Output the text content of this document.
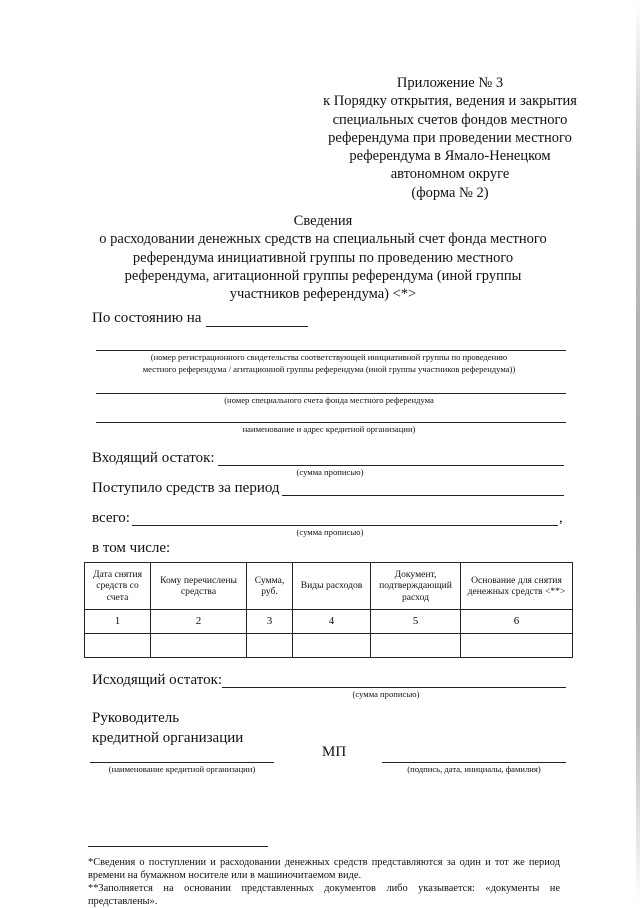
Приложение № 3
к Порядку открытия, ведения и закрытия
специальных счетов фондов местного
референдума при проведении местного
референдума в Ямало-Ненецком
автономном округе
(форма № 2)
Сведения
о расходовании денежных средств на специальный счет фонда местного
референдума инициативной группы по проведению местного
референдума, агитационной группы референдума (иной группы
участников референдума) <*>
По состоянию на
(номер регистрационного свидетельства соответствующей инициативной группы по проведению
местного референдума / агитационной группы референдума (иной группы участников референдума))
(номер специального счета фонда местного референдума
наименование и адрес кредитной организации)
Входящий остаток:
(сумма прописью)
Поступило средств за период
всего:	,
(сумма прописью)
в том числе:
Дата снятия средств со счета	Кому перечислены средства	Сумма, руб.	Виды расходов	Документ, подтверждающий расход	Основание для снятия денежных средств <**>
1	2	3	4	5	6

Исходящий остаток:
(сумма прописью)
Руководитель
кредитной организации
МП
(наименование кредитной организации)	(подпись, дата, инициалы, фамилия)
*Сведения о поступлении и расходовании денежных средств представляются за один и тот же период времени на бумажном носителе или в машиночитаемом виде.
**Заполняется на основании представленных документов либо указывается: «документы не представлены».
